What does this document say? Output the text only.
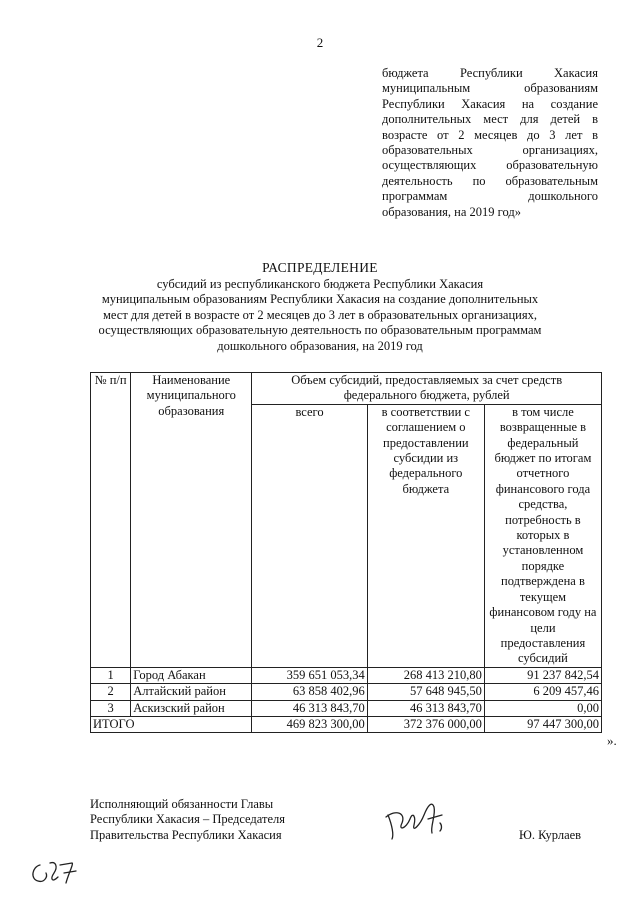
2
бюджета Республики Хакасия
муниципальным образованиям
Республики Хакасия на создание
дополнительных мест для детей в
возрасте от 2 месяцев до 3 лет в
образовательных организациях,
осуществляющих образовательную
деятельность по образовательным
программам дошкольного
образования, на 2019 год»
РАСПРЕДЕЛЕНИЕ
субсидий из республиканского бюджета Республики Хакасия
муниципальным образованиям Республики Хакасия на создание дополнительных
мест для детей в возрасте от 2 месяцев до 3 лет в образовательных организациях,
осуществляющих образовательную деятельность по образовательным программам
дошкольного образования, на 2019 год
№ п/п	Наименование муниципального образования	Объем субсидий, предоставляемых за счет средств федерального бюджета, рублей		
		всего	в соответствии с соглашением о предоставлении субсидии из федерального бюджета	в том числе возвращенные в федеральный бюджет по итогам отчетного финансового года средства, потребность в которых в установленном порядке подтверждена в текущем финансовом году на цели предоставления субсидий
1	Город Абакан	359 651 053,34	268 413 210,80	91 237 842,54
2	Алтайский район	63 858 402,96	57 648 945,50	6 209 457,46
3	Аскизский район	46 313 843,70	46 313 843,70	0,00
ИТОГО		469 823 300,00	372 376 000,00	97 447 300,00
».
Исполняющий обязанности Главы
Республики Хакасия – Председателя
Правительства Республики Хакасия	Ю. Курлаев
